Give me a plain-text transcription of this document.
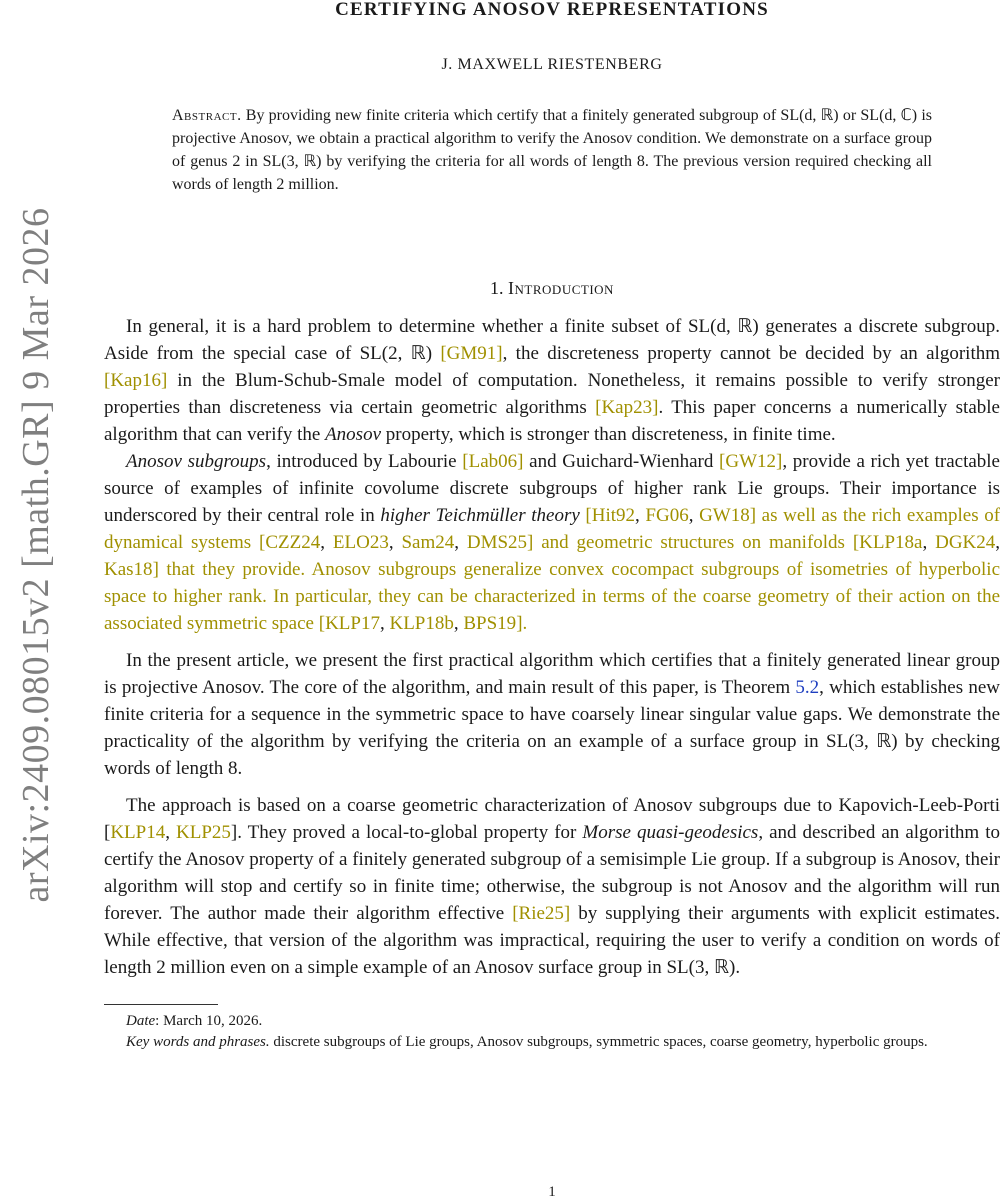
arXiv:2409.08015v2 [math.GR] 9 Mar 2026
CERTIFYING ANOSOV REPRESENTATIONS
J. MAXWELL RIESTENBERG
Abstract. By providing new finite criteria which certify that a finitely generated subgroup of SL(d, ℝ) or SL(d, ℂ) is projective Anosov, we obtain a practical algorithm to verify the Anosov condition. We demonstrate on a surface group of genus 2 in SL(3, ℝ) by verifying the criteria for all words of length 8. The previous version required checking all words of length 2 million.
1. Introduction

In general, it is a hard problem to determine whether a finite subset of SL(d, ℝ) generates a discrete subgroup. Aside from the special case of SL(2, ℝ) [GM91], the discreteness property cannot be decided by an algorithm [Kap16] in the Blum-Schub-Smale model of computation. Nonetheless, it remains possible to verify stronger properties than discreteness via certain geometric algorithms [Kap23]. This paper concerns a numerically stable algorithm that can verify the Anosov property, which is stronger than discreteness, in finite time.

Anosov subgroups, introduced by Labourie [Lab06] and Guichard-Wienhard [GW12], provide a rich yet tractable source of examples of infinite covolume discrete subgroups of higher rank Lie groups. Their importance is underscored by their central role in higher Teichmüller theory [Hit92, FG06, GW18] as well as the rich examples of dynamical systems [CZZ24, ELO23, Sam24, DMS25] and geometric structures on manifolds [KLP18a, DGK24, Kas18] that they provide. Anosov subgroups generalize convex cocompact subgroups of isometries of hyperbolic space to higher rank. In particular, they can be characterized in terms of the coarse geometry of their action on the associated symmetric space [KLP17, KLP18b, BPS19].

In the present article, we present the first practical algorithm which certifies that a finitely generated linear group is projective Anosov. The core of the algorithm, and main result of this paper, is Theorem 5.2, which establishes new finite criteria for a sequence in the symmetric space to have coarsely linear singular value gaps. We demonstrate the practicality of the algorithm by verifying the criteria on an example of a surface group in SL(3, ℝ) by checking words of length 8.

The approach is based on a coarse geometric characterization of Anosov subgroups due to Kapovich-Leeb-Porti [KLP14, KLP25]. They proved a local-to-global property for Morse quasi-geodesics, and described an algorithm to certify the Anosov property of a finitely generated subgroup of a semisimple Lie group. If a subgroup is Anosov, their algorithm will stop and certify so in finite time; otherwise, the subgroup is not Anosov and the algorithm will run forever. The author made their algorithm effective [Rie25] by supplying their arguments with explicit estimates. While effective, that version of the algorithm was impractical, requiring the user to verify a condition on words of length 2 million even on a simple example of an Anosov surface group in SL(3, ℝ).

Date: March 10, 2026.

Key words and phrases. discrete subgroups of Lie groups, Anosov subgroups, symmetric spaces, coarse geometry, hyperbolic groups.

1
